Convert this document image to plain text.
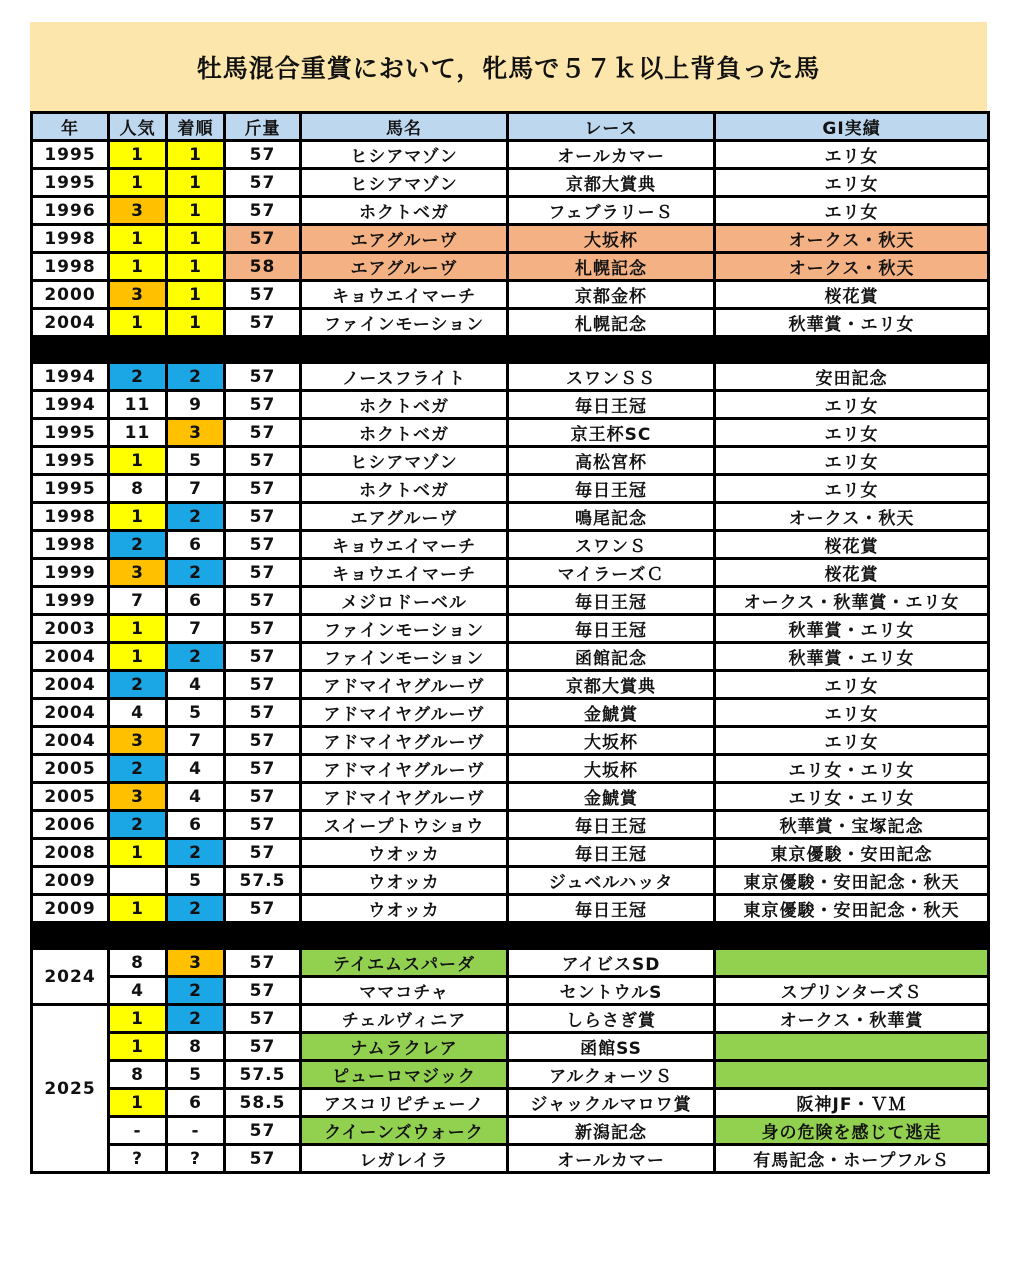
牡馬混合重賞において，牝馬で５７ｋ以上背負った馬
年	人気	着順	斤量	馬名	レース	GⅠ実績
1995	1	1	57	ヒシアマゾン	オールカマー	エリ女
1995	1	1	57	ヒシアマゾン	京都大賞典	エリ女
1996	3	1	57	ホクトベガ	フェブラリーＳ	エリ女
1998	1	1	57	エアグルーヴ	大坂杯	オークス・秋天
1998	1	1	58	エアグルーヴ	札幌記念	オークス・秋天
2000	3	1	57	キョウエイマーチ	京都金杯	桜花賞
2004	1	1	57	ファインモーション	札幌記念	秋華賞・エリ女

1994	2	2	57	ノースフライト	スワンＳＳ	安田記念
1994	11	9	57	ホクトベガ	毎日王冠	エリ女
1995	11	3	57	ホクトベガ	京王杯SC	エリ女
1995	1	5	57	ヒシアマゾン	高松宮杯	エリ女
1995	8	7	57	ホクトベガ	毎日王冠	エリ女
1998	1	2	57	エアグルーヴ	鳴尾記念	オークス・秋天
1998	2	6	57	キョウエイマーチ	スワンＳ	桜花賞
1999	3	2	57	キョウエイマーチ	マイラーズＣ	桜花賞
1999	7	6	57	メジロドーベル	毎日王冠	オークス・秋華賞・エリ女
2003	1	7	57	ファインモーション	毎日王冠	秋華賞・エリ女
2004	1	2	57	ファインモーション	函館記念	秋華賞・エリ女
2004	2	4	57	アドマイヤグルーヴ	京都大賞典	エリ女
2004	4	5	57	アドマイヤグルーヴ	金鯱賞	エリ女
2004	3	7	57	アドマイヤグルーヴ	大坂杯	エリ女
2005	2	4	57	アドマイヤグルーヴ	大坂杯	エリ女・エリ女
2005	3	4	57	アドマイヤグルーヴ	金鯱賞	エリ女・エリ女
2006	2	6	57	スイープトウショウ	毎日王冠	秋華賞・宝塚記念
2008	1	2	57	ウオッカ	毎日王冠	東京優駿・安田記念
2009		5	57.5	ウオッカ	ジュベルハッタ	東京優駿・安田記念・秋天
2009	1	2	57	ウオッカ	毎日王冠	東京優駿・安田記念・秋天

2024	8	3	57	テイエムスパーダ	アイビスSD	
	4	2	57	ママコチャ	セントウルS	スプリンターズＳ
2025	1	2	57	チェルヴィニア	しらさぎ賞	オークス・秋華賞
	1	8	57	ナムラクレア	函館SS	
	8	5	57.5	ピューロマジック	アルクォーツＳ	
	1	6	58.5	アスコリピチェーノ	ジャックルマロワ賞	阪神JF・ＶＭ
	-	-	57	クイーンズウォーク	新潟記念	身の危険を感じて逃走
	?	?	57	レガレイラ	オールカマー	有馬記念・ホープフルＳ
